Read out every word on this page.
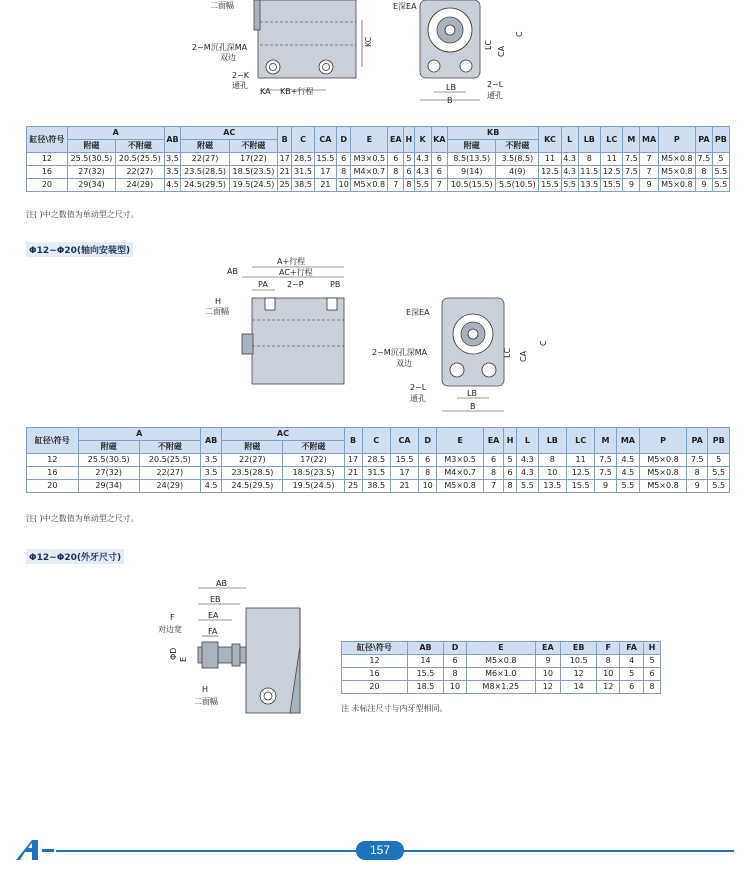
KC
KA KB+行程
二面幅
2~M沉孔深MA
双边
2~K
通孔
E深EA
LC
CA
C
LB
B
2~L
通孔
缸径\符号	A		AB	AC		B	C	CA	D	E	EA	H	K	KA	KB		KC	L	LB	LC	M	MA	P	PA	PB
	附磁	不附磁		附磁	不附磁										附磁	不附磁									
12	25.5(30.5)	20.5(25.5)	3.5	22(27)	17(22)	17	28.5	15.5	6	M3×0.5	6	5	4.3	6	8.5(13.5)	3.5(8.5)	11	4.3	8	11	7.5	7	M5×0.8	7.5	5
16	27(32)	22(27)	3.5	23.5(28.5)	18.5(23.5)	21	31.5	17	8	M4×0.7	8	6	4.3	6	9(14)	4(9)	12.5	4.3	11.5	12.5	7.5	7	M5×0.8	8	5.5
20	29(34)	24(29)	4.5	24.5(29.5)	19.5(24.5)	25	38.5	21	10	M5×0.8	7	8	5.5	7	10.5(15.5)	5.5(10.5)	15.5	5.5	13.5	15.5	9	9	M5×0.8	9	5.5
注( )中之数值为单动型之尺寸。
Φ12~Φ20(轴向安装型)
A+行程
AC+行程
AB
PA 2~P	PB
H
二面幅	E深EA
2~M沉孔深MA
双边
LC CA
C
LB
B
2~L
通孔
缸径\符号	A		AB	AC		B	C	CA	D	E	EA	H	L	LB	LC	M	MA	P	PA	PB
	附磁	不附磁		附磁	不附磁															
12	25.5(30.5)	20.5(25.5)	3.5	22(27)	17(22)	17	28.5	15.5	6	M3×0.5	6	5	4.3	8	11	7.5	4.5	M5×0.8	7.5	5
16	27(32)	22(27)	3.5	23.5(28.5)	18.5(23.5)	21	31.5	17	8	M4×0.7	8	6	4.3	10	12.5	7.5	4.5	M5×0.8	8	5.5
20	29(34)	24(29)	4.5	24.5(29.5)	19.5(24.5)	25	38.5	21	10	M5×0.8	7	8	5.5	13.5	15.5	9	5.5	M5×0.8	9	5.5
注( )中之数值为单动型之尺寸。
Φ12~Φ20(外牙尺寸)
AB
EB
EA
FA
F
对边宽
ΦD E
H
二面幅
缸径\符号	AB	D	E	EA	EB	F	FA	H
12	14	6	M5×0.8	9	10.5	8	4	5
16	15.5	8	M6×1.0	10	12	10	5	6
20	18.5	10	M8×1.25	12	14	12	6	8
注 未标注尺寸与内牙型相同。
157
